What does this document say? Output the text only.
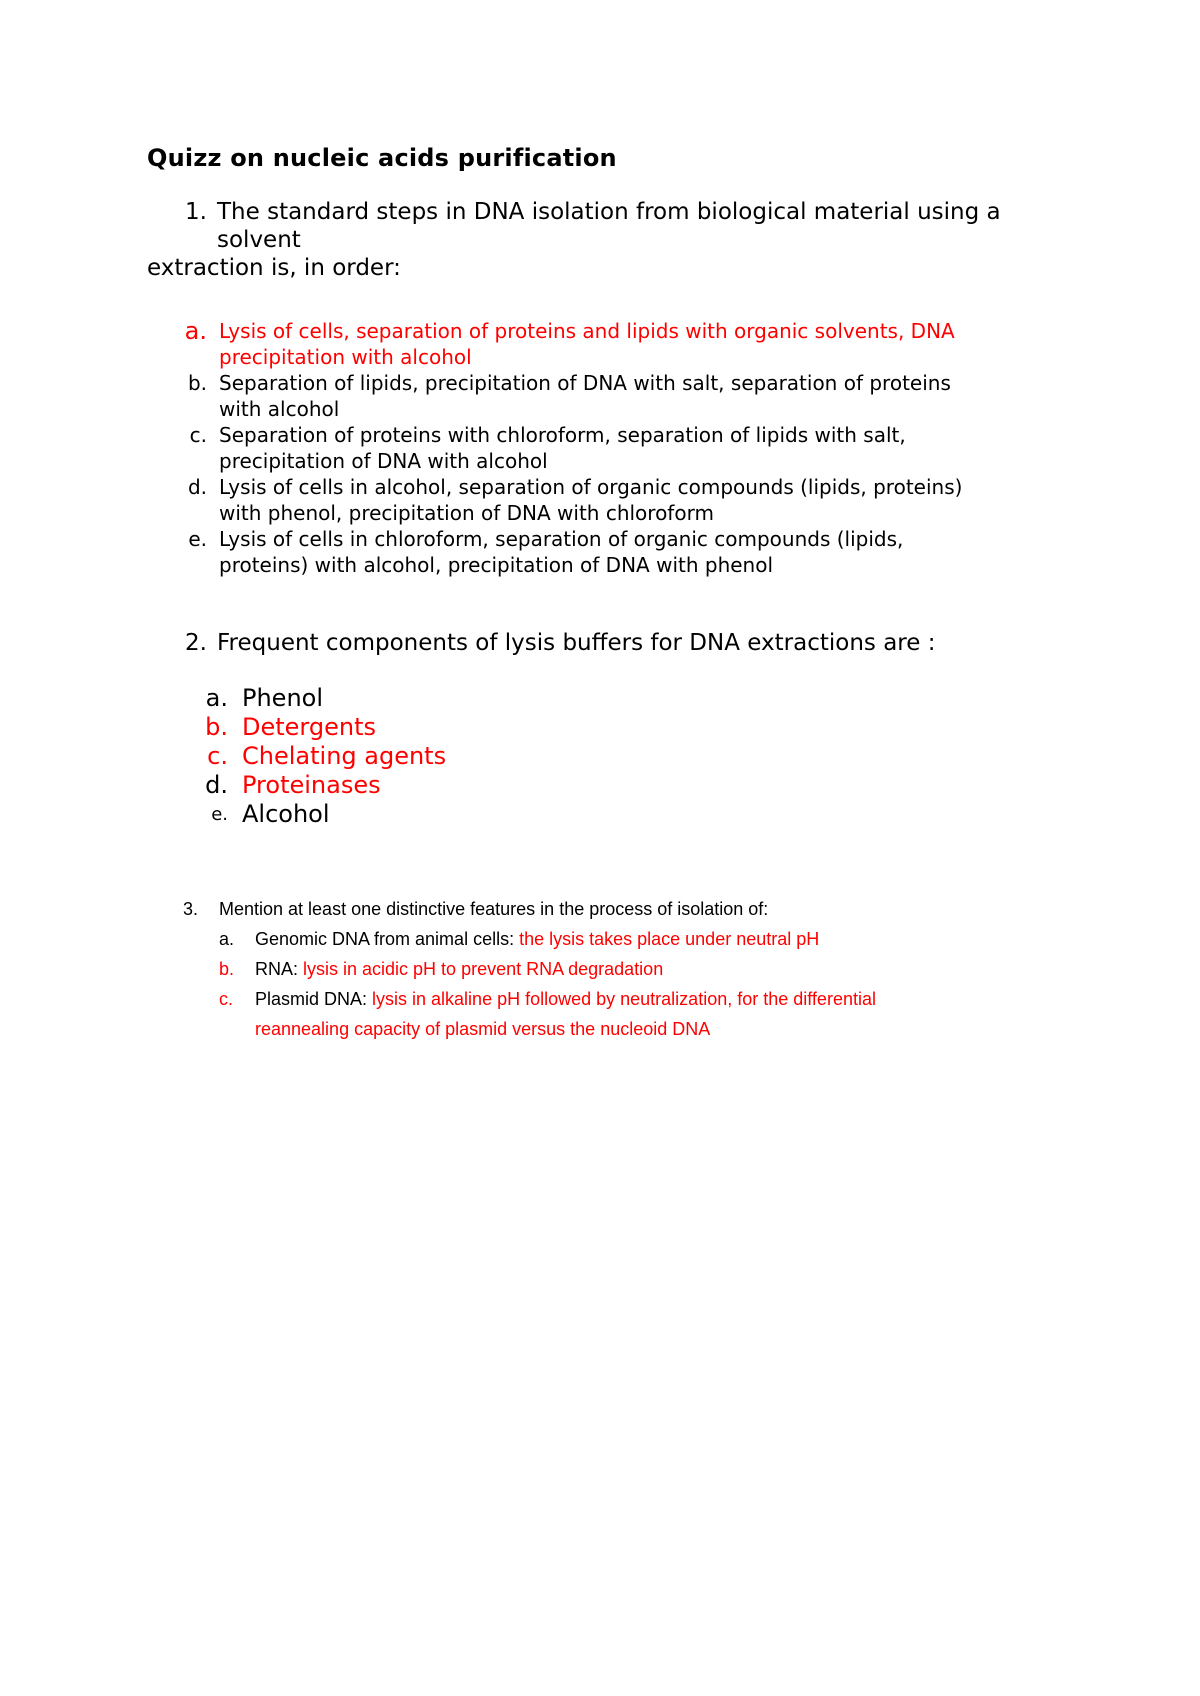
Quizz on nucleic acids purification
1. The standard steps in DNA isolation from biological material using a
solvent
extraction is, in order:
a. Lysis of cells, separation of proteins and lipids with organic solvents, DNA
precipitation with alcohol
b. Separation of lipids, precipitation of DNA with salt, separation of proteins
with alcohol
c. Separation of proteins with chloroform, separation of lipids with salt,
precipitation of DNA with alcohol
d. Lysis of cells in alcohol, separation of organic compounds (lipids, proteins)
with phenol, precipitation of DNA with chloroform
e. Lysis of cells in chloroform, separation of organic compounds (lipids,
proteins) with alcohol, precipitation of DNA with phenol
2. Frequent components of lysis buffers for DNA extractions are :
a. Phenol
b. Detergents
c. Chelating agents
d. Proteinases
e. Alcohol
3.	Mention at least one distinctive features in the process of isolation of:
a.	Genomic DNA from animal cells: the lysis takes place under neutral pH
b.	RNA: lysis in acidic pH to prevent RNA degradation
c.	Plasmid DNA: lysis in alkaline pH followed by neutralization, for the differential
reannealing capacity of plasmid versus the nucleoid DNA
